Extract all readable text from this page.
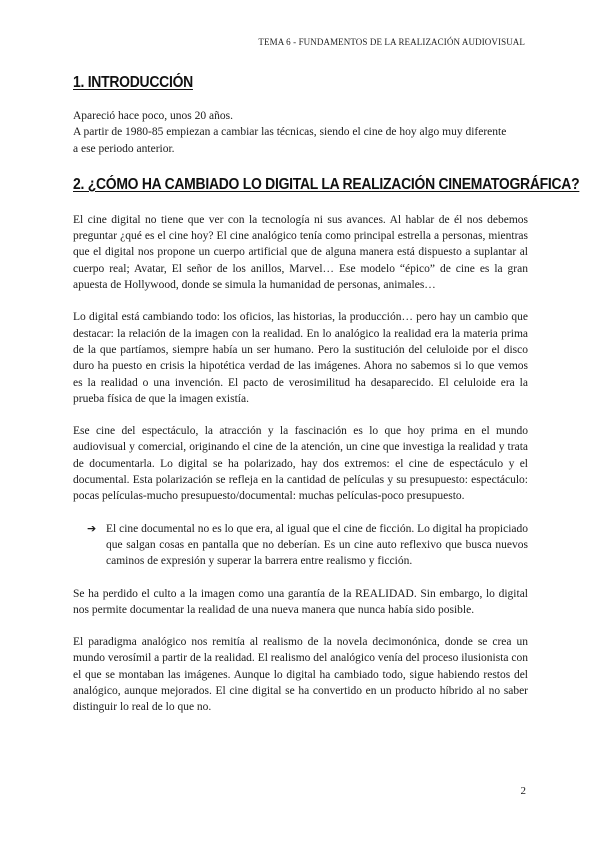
TEMA 6 - FUNDAMENTOS DE LA REALIZACIÓN AUDIOVISUAL
1. INTRODUCCIÓN

Apareció hace poco, unos 20 años.

A partir de 1980-85 empiezan a cambiar las técnicas, siendo el cine de hoy algo muy diferente

a ese periodo anterior.

2. ¿CÓMO HA CAMBIADO LO DIGITAL LA REALIZACIÓN CINEMATOGRÁFICA?

El cine digital no tiene que ver con la tecnología ni sus avances. Al hablar de él nos debemos preguntar ¿qué es el cine hoy? El cine analógico tenía como principal estrella a personas, mientras que el digital nos propone un cuerpo artificial que de alguna manera está dispuesto a suplantar al cuerpo real; Avatar, El señor de los anillos, Marvel… Ese modelo “épico” de cine es la gran apuesta de Hollywood, donde se simula la humanidad de personas, animales…

Lo digital está cambiando todo: los oficios, las historias, la producción… pero hay un cambio que destacar: la relación de la imagen con la realidad. En lo analógico la realidad era la materia prima de la que partíamos, siempre había un ser humano. Pero la sustitución del celuloide por el disco duro ha puesto en crisis la hipotética verdad de las imágenes. Ahora no sabemos si lo que vemos es la realidad o una invención. El pacto de verosimilitud ha desaparecido. El celuloide era la prueba física de que la imagen existía.

Ese cine del espectáculo, la atracción y la fascinación es lo que hoy prima en el mundo audiovisual y comercial, originando el cine de la atención, un cine que investiga la realidad y trata de documentarla. Lo digital se ha polarizado, hay dos extremos: el cine de espectáculo y el documental. Esta polarización se refleja en la cantidad de películas y su presupuesto: espectáculo: pocas películas-mucho presupuesto/documental: muchas películas-poco presupuesto.

➔ El cine documental no es lo que era, al igual que el cine de ficción. Lo digital ha propiciado que salgan cosas en pantalla que no deberían. Es un cine auto reflexivo que busca nuevos caminos de expresión y superar la barrera entre realismo y ficción.

Se ha perdido el culto a la imagen como una garantía de la REALIDAD. Sin embargo, lo digital nos permite documentar la realidad de una nueva manera que nunca había sido posible.

El paradigma analógico nos remitía al realismo de la novela decimonónica, donde se crea un mundo verosímil a partir de la realidad. El realismo del analógico venía del proceso ilusionista con el que se montaban las imágenes. Aunque lo digital ha cambiado todo, sigue habiendo restos del analógico, aunque mejorados. El cine digital se ha convertido en un producto híbrido al no saber distinguir lo real de lo que no.

2
